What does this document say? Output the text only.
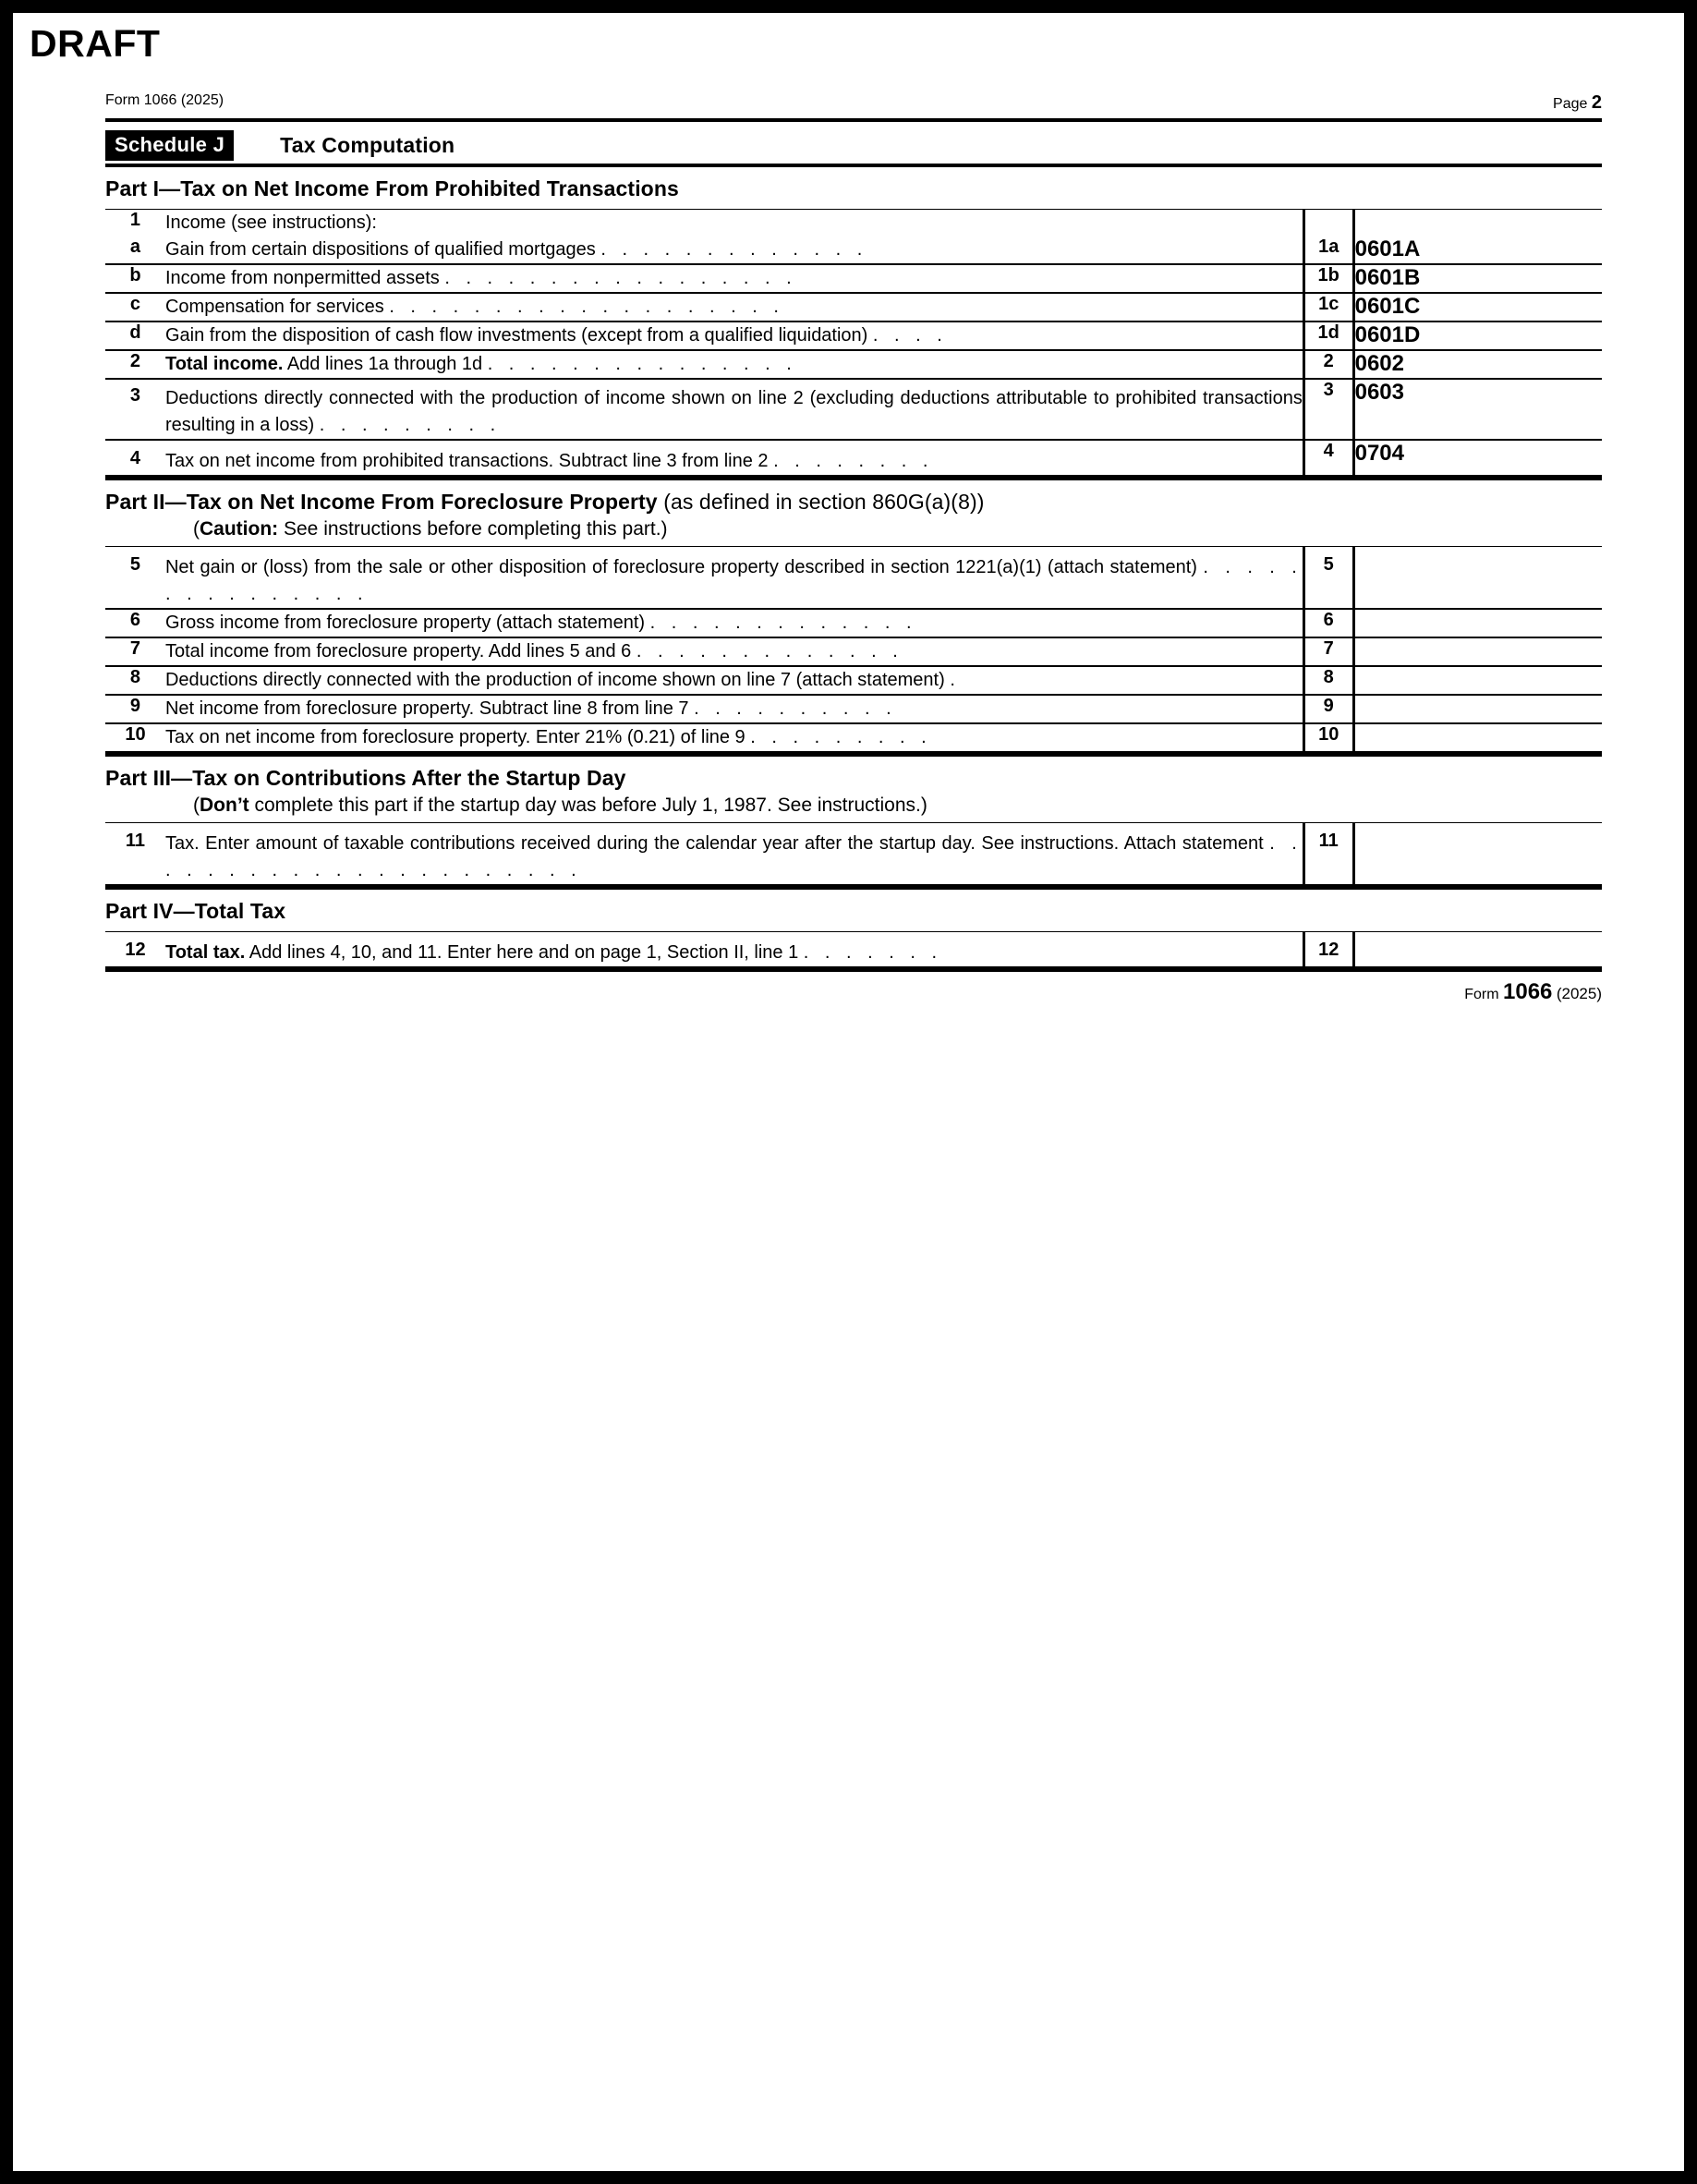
DRAFT
Form 1066 (2025)	Page 2
Schedule J	Tax Computation
Part I—Tax on Net Income From Prohibited Transactions
1	Income (see instructions):		
a	Gain from certain dispositions of qualified mortgages . . . . . . . . . . . . .	1a	0601A
b	Income from nonpermitted assets . . . . . . . . . . . . . . . . .	1b	0601B
c	Compensation for services . . . . . . . . . . . . . . . . . . .	1c	0601C
d	Gain from the disposition of cash flow investments (except from a qualified liquidation) . . . .	1d	0601D
2	Total income. Add lines 1a through 1d . . . . . . . . . . . . . . .	2	0602
3	Deductions directly connected with the production of income shown on line 2 (excluding deductions attributable to prohibited transactions resulting in a loss) . . . . . . . . .	3	0603
4	Tax on net income from prohibited transactions. Subtract line 3 from line 2 . . . . . . . .	4	0704
Part II—Tax on Net Income From Foreclosure Property (as defined in section 860G(a)(8))
(Caution: See instructions before completing this part.)

5	Net gain or (loss) from the sale or other disposition of foreclosure property described in section 1221(a)(1) (attach statement) . . . . . . . . . . . . . . .	5	
6	Gross income from foreclosure property (attach statement) . . . . . . . . . . . . .	6	
7	Total income from foreclosure property. Add lines 5 and 6 . . . . . . . . . . . . .	7	
8	Deductions directly connected with the production of income shown on line 7 (attach statement) .	8	
9	Net income from foreclosure property. Subtract line 8 from line 7 . . . . . . . . . .	9	
10	Tax on net income from foreclosure property. Enter 21% (0.21) of line 9 . . . . . . . . .	10	
Part III—Tax on Contributions After the Startup Day
(Don’t complete this part if the startup day was before July 1, 1987. See instructions.)

11	Tax. Enter amount of taxable contributions received during the calendar year after the startup day. See instructions. Attach statement . . . . . . . . . . . . . . . . . . . . . .	11	
Part IV—Total Tax

12	Total tax. Add lines 4, 10, and 11. Enter here and on page 1, Section II, line 1 . . . . . . .	12	
Form 1066 (2025)
